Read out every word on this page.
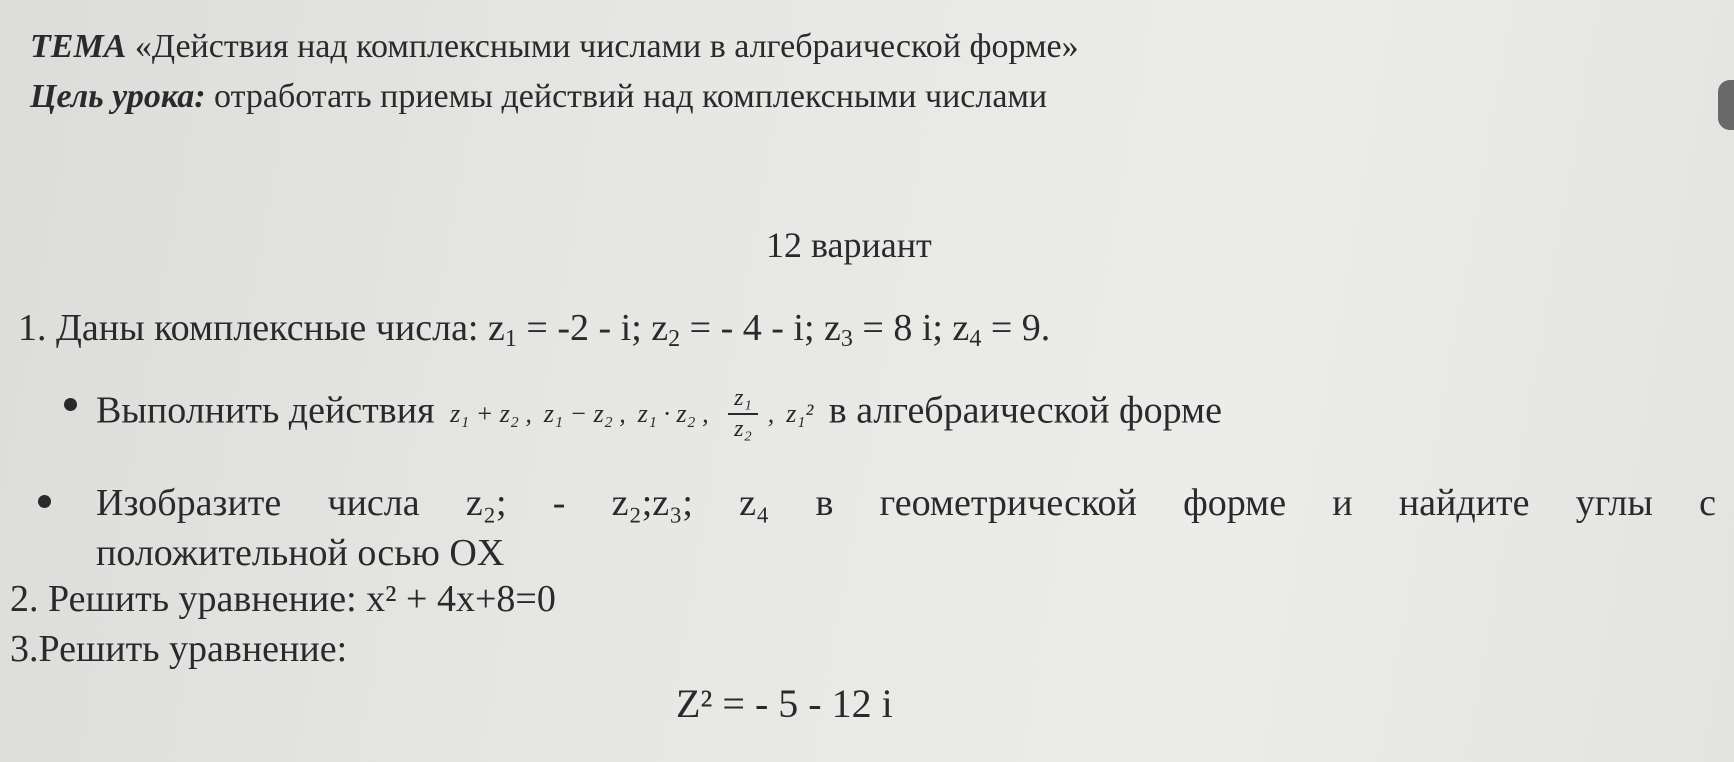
ТЕМА «Действия над комплексными числами в алгебраической форме»
Цель урока: отработать приемы действий над комплексными числами
12 вариант
1. Даны комплексные числа: z1 = -2 - i; z2 = - 4 - i; z3 = 8 i; z4 = 9.
Выполнить действия z₁ + z₂ , z₁ − z₂ , z₁ · z₂ , $\frac{\text{z₁}}{\text{z₂}}$ , z₁² в алгебраической форме
Изобразите числа z₂; - z₂;z₃; z₄ в геометрической форме и найдите углы с
положительной осью OX
2. Решить уравнение: x² + 4x+8=0
3.Решить уравнение:
Z² = - 5 - 12 i
